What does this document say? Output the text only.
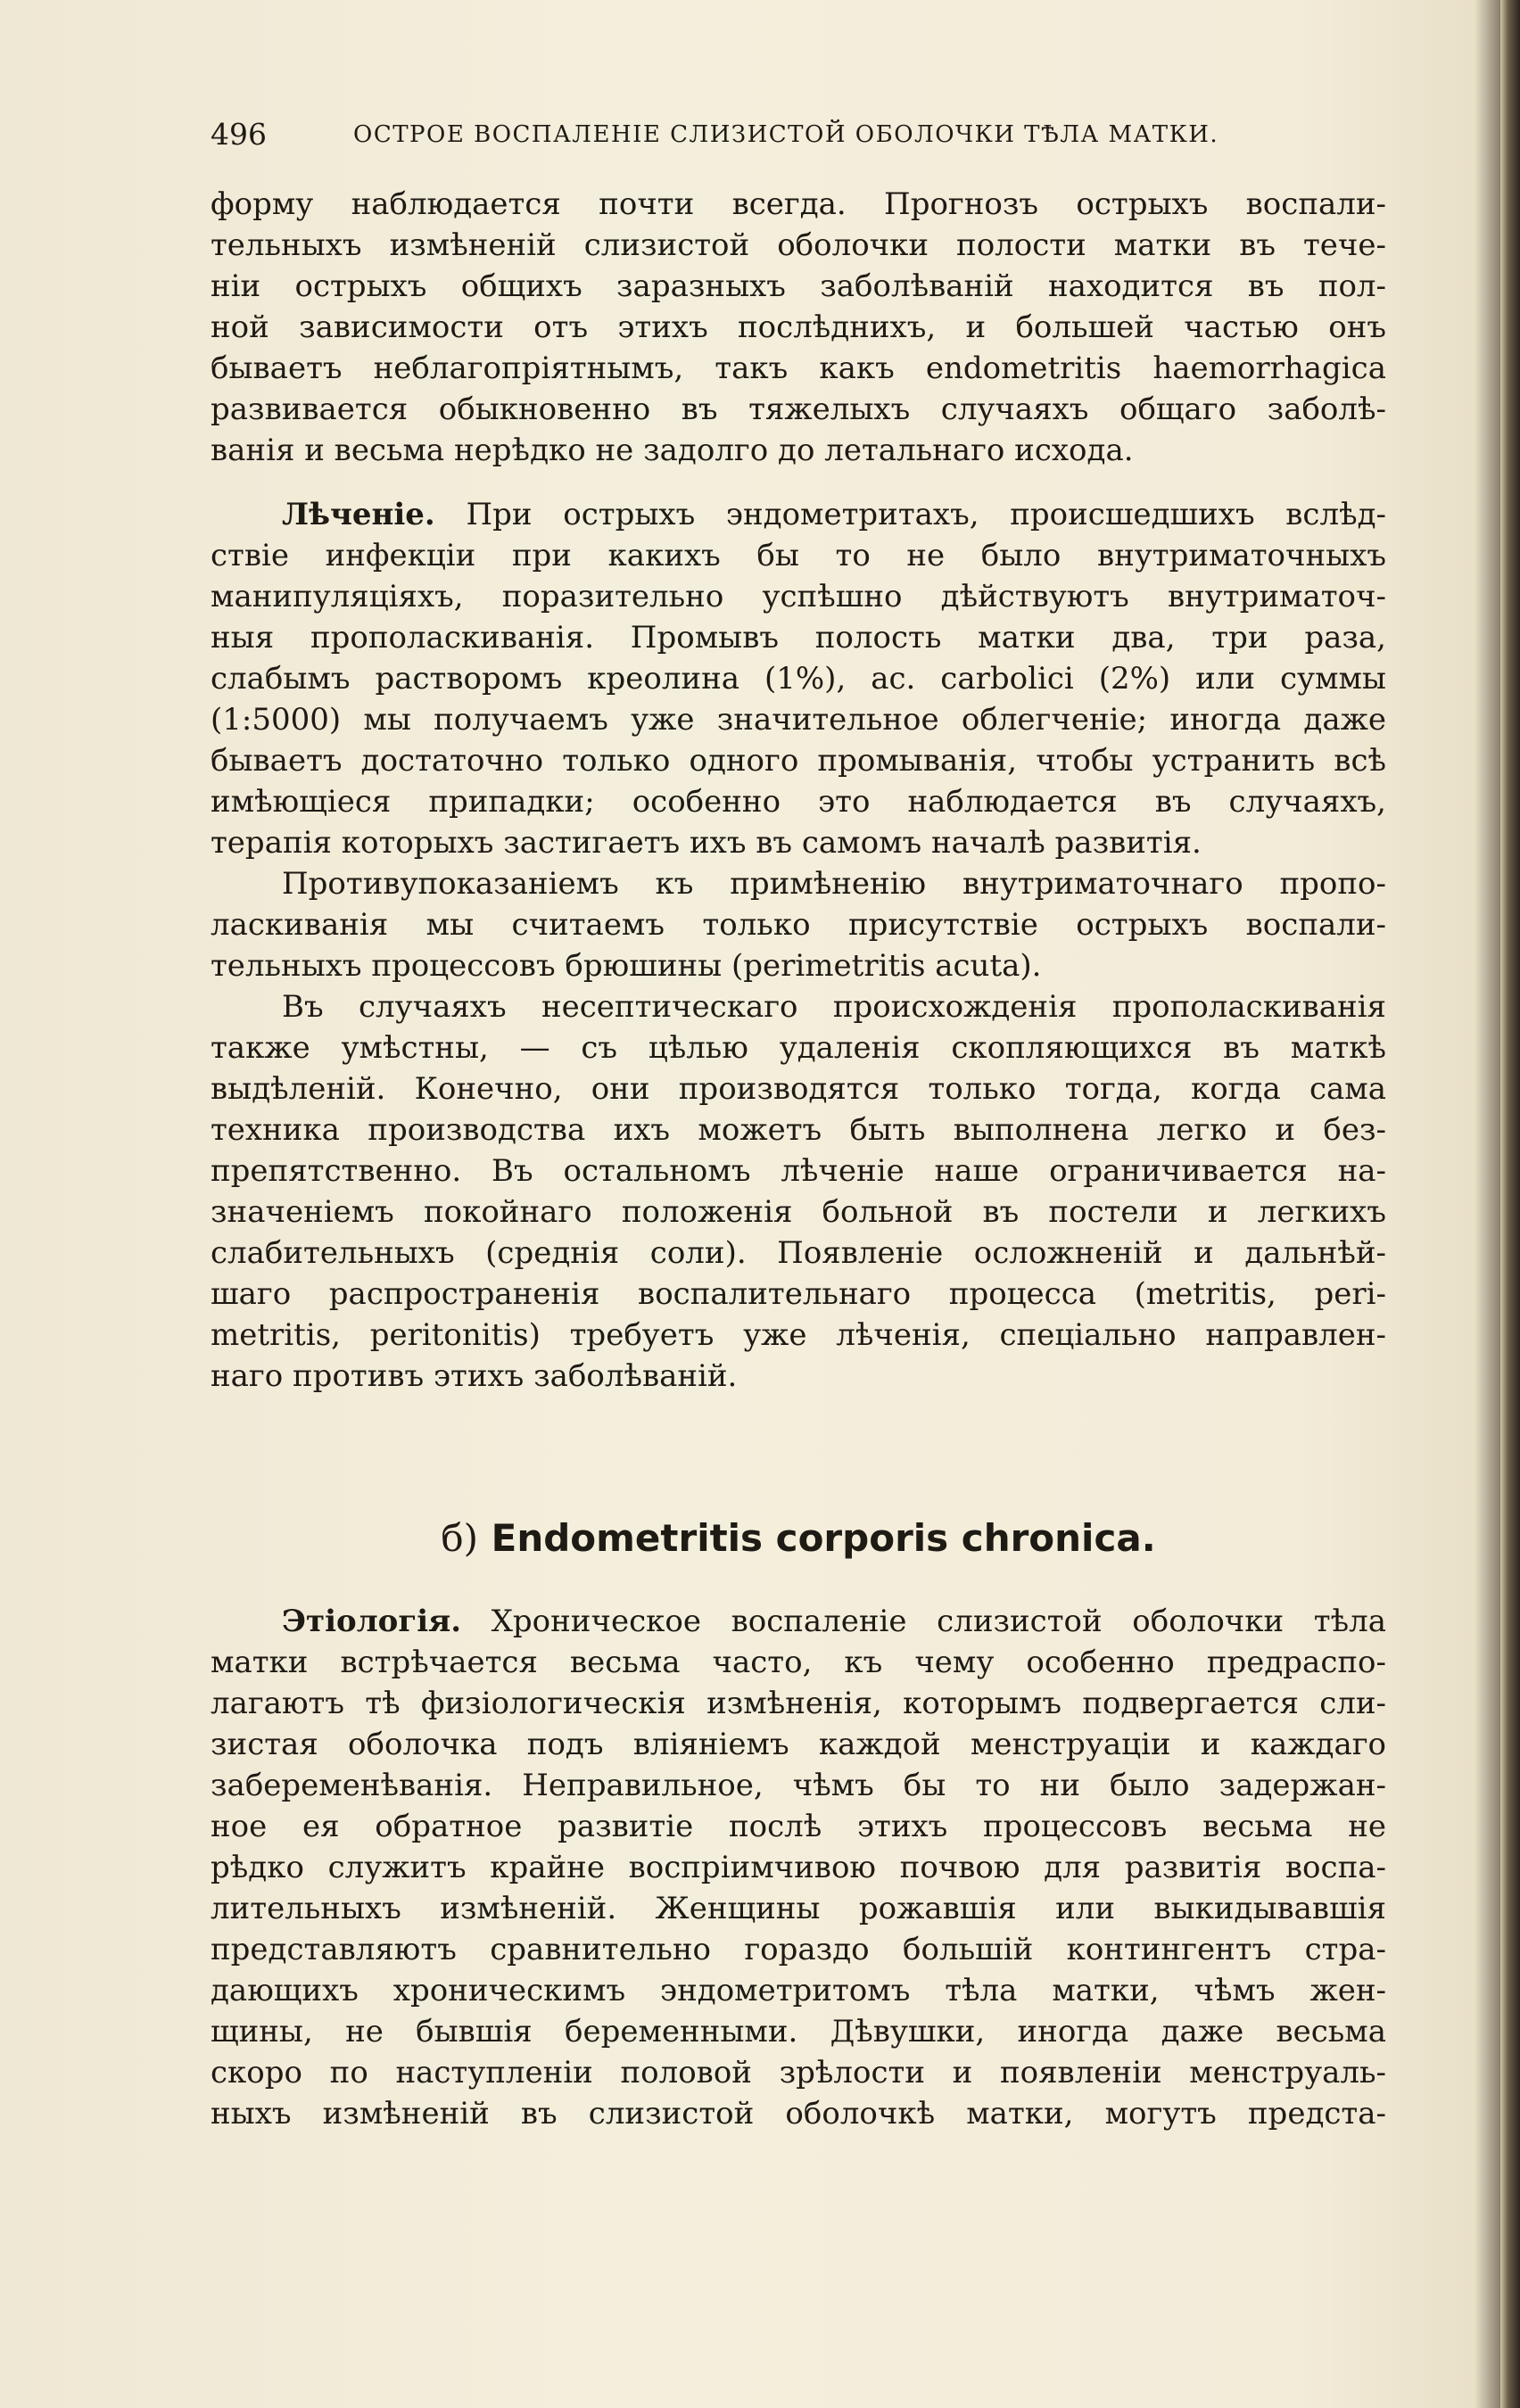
496	ОСТРОЕ ВОСПАЛЕНІЕ СЛИЗИСТОЙ ОБОЛОЧКИ ТѢЛА МАТКИ.
форму наблюдается почти всегда. Прогнозъ острыхъ воспали-
тельныхъ измѣненій слизистой оболочки полости матки въ тече-
ніи острыхъ общихъ заразныхъ заболѣваній находится въ пол-
ной зависимости отъ этихъ послѣднихъ, и большей частью онъ
бываетъ неблагопріятнымъ, такъ какъ endometritis haemorrhagica
развивается обыкновенно въ тяжелыхъ случаяхъ общаго заболѣ-
ванія и весьма нерѣдко не задолго до летальнаго исхода.
Лѣченіе. При острыхъ эндометритахъ, происшедшихъ вслѣд-
ствіе инфекціи при какихъ бы то не было внутриматочныхъ
манипуляціяхъ, поразительно успѣшно дѣйствуютъ внутриматоч-
ныя прополаскиванія. Промывъ полость матки два, три раза,
слабымъ растворомъ креолина (1%), ac. carbolici (2%) или суммы
(1:5000) мы получаемъ уже значительное облегченіе; иногда даже
бываетъ достаточно только одного промыванія, чтобы устранить всѣ
имѣющіеся припадки; особенно это наблюдается въ случаяхъ,
терапія которыхъ застигаетъ ихъ въ самомъ началѣ развитія.
Противупоказаніемъ къ примѣненію внутриматочнаго пропо-
ласкиванія мы считаемъ только присутствіе острыхъ воспали-
тельныхъ процессовъ брюшины (perimetritis acuta).
Въ случаяхъ несептическаго происхожденія прополаскиванія
также умѣстны, — съ цѣлью удаленія скопляющихся въ маткѣ
выдѣленій. Конечно, они производятся только тогда, когда сама
техника производства ихъ можетъ быть выполнена легко и без-
препятственно. Въ остальномъ лѣченіе наше ограничивается на-
значеніемъ покойнаго положенія больной въ постели и легкихъ
слабительныхъ (среднія соли). Появленіе осложненій и дальнѣй-
шаго распространенія воспалительнаго процесса (metritis, peri-
metritis, peritonitis) требуетъ уже лѣченія, спеціально направлен-
наго противъ этихъ заболѣваній.
б) Endometritis corporis chronica.
Этіологія. Хроническое воспаленіе слизистой оболочки тѣла
матки встрѣчается весьма часто, къ чему особенно предраспо-
лагаютъ тѣ физіологическія измѣненія, которымъ подвергается сли-
зистая оболочка подъ вліяніемъ каждой менструаціи и каждаго
забеременѣванія. Неправильное, чѣмъ бы то ни было задержан-
ное ея обратное развитіе послѣ этихъ процессовъ весьма не
рѣдко служитъ крайне воспріимчивою почвою для развитія воспа-
лительныхъ измѣненій. Женщины рожавшія или выкидывавшія
представляютъ сравнительно гораздо большій контингентъ стра-
дающихъ хроническимъ эндометритомъ тѣла матки, чѣмъ жен-
щины, не бывшія беременными. Дѣвушки, иногда даже весьма
скоро по наступленіи половой зрѣлости и появленіи менструаль-
ныхъ измѣненій въ слизистой оболочкѣ матки, могутъ предста-
